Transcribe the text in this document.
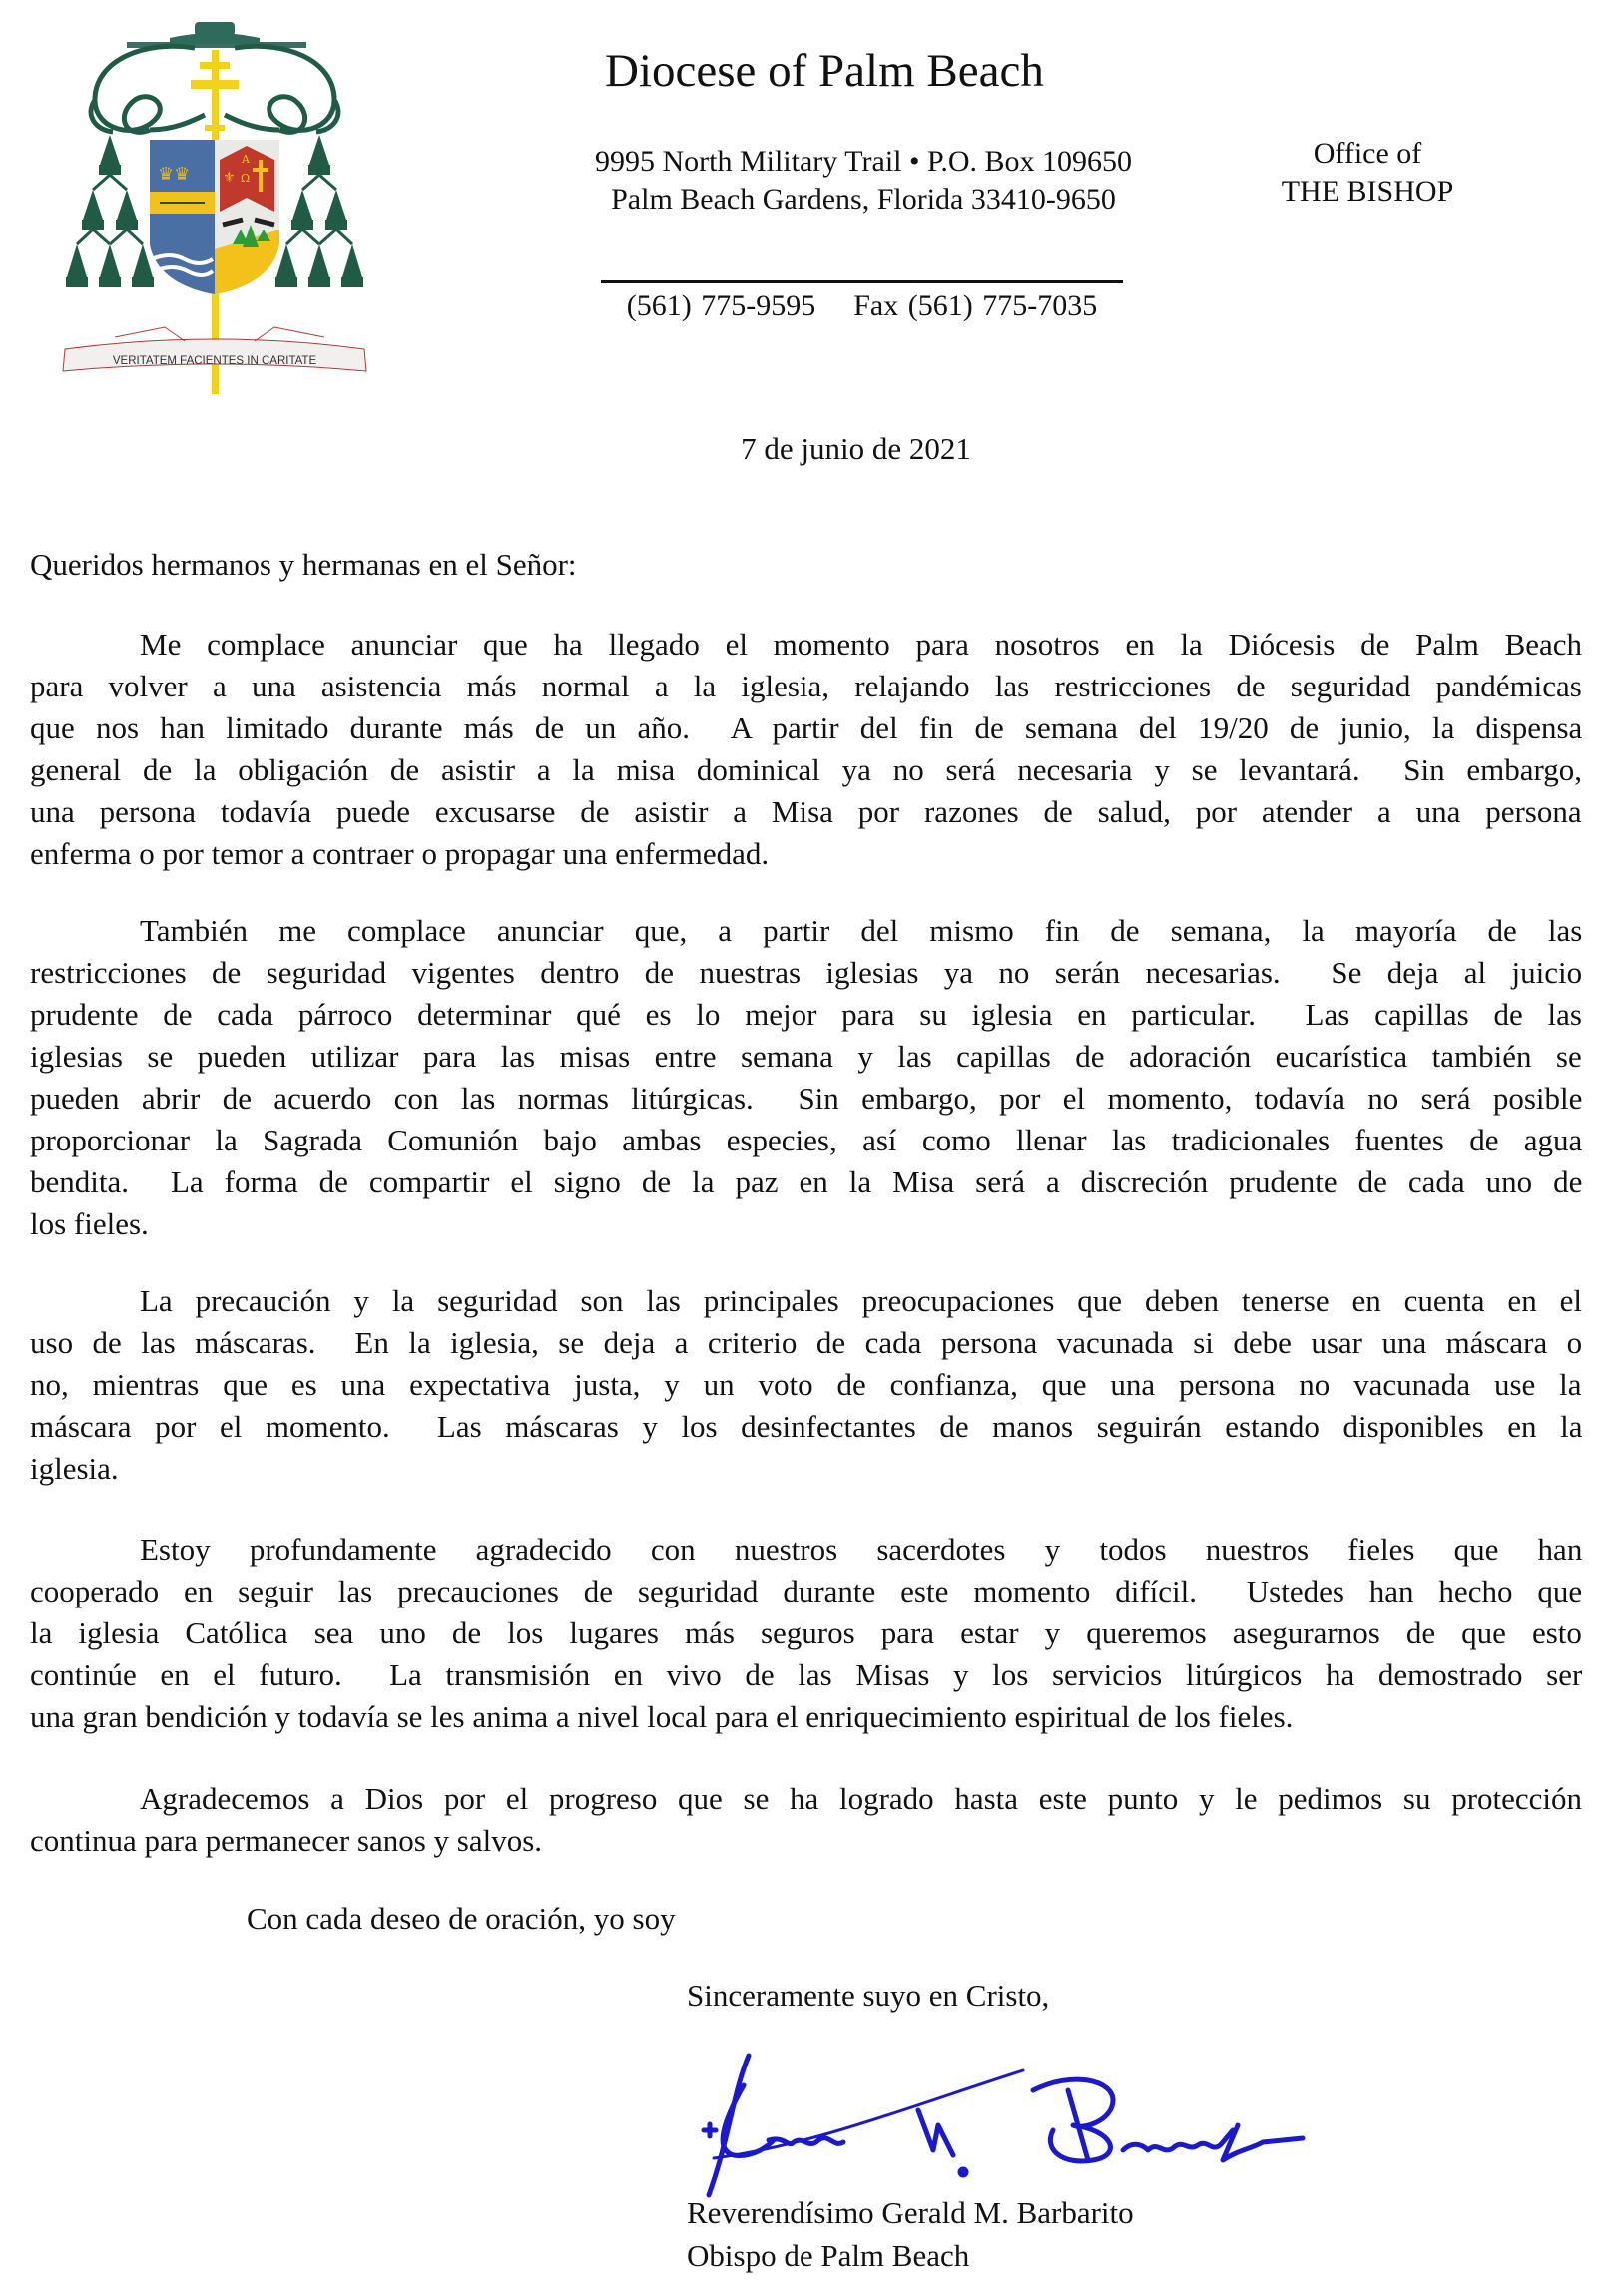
♛♛
A
Ω
⚜
VERITATEM FACIENTES IN CARITATE
Diocese of Palm Beach
9995 North Military Trail • P.O. Box 109650
Palm Beach Gardens, Florida 33410-9650
Office of
THE BISHOP
(561) 775-9595 Fax (561) 775-7035
7 de junio de 2021
Queridos hermanos y hermanas en el Señor:
Me complace anunciar que ha llegado el momento para nosotros en la Diócesis de Palm Beach
para volver a una asistencia más normal a la iglesia, relajando las restricciones de seguridad pandémicas
que nos han limitado durante más de un año.  A partir del fin de semana del 19/20 de junio, la dispensa
general de la obligación de asistir a la misa dominical ya no será necesaria y se levantará.  Sin embargo,
una persona todavía puede excusarse de asistir a Misa por razones de salud, por atender a una persona
enferma o por temor a contraer o propagar una enfermedad.
También me complace anunciar que, a partir del mismo fin de semana, la mayoría de las
restricciones de seguridad vigentes dentro de nuestras iglesias ya no serán necesarias.  Se deja al juicio
prudente de cada párroco determinar qué es lo mejor para su iglesia en particular.  Las capillas de las
iglesias se pueden utilizar para las misas entre semana y las capillas de adoración eucarística también se
pueden abrir de acuerdo con las normas litúrgicas.  Sin embargo, por el momento, todavía no será posible
proporcionar la Sagrada Comunión bajo ambas especies, así como llenar las tradicionales fuentes de agua
bendita.  La forma de compartir el signo de la paz en la Misa será a discreción prudente de cada uno de
los fieles.
La precaución y la seguridad son las principales preocupaciones que deben tenerse en cuenta en el
uso de las máscaras.  En la iglesia, se deja a criterio de cada persona vacunada si debe usar una máscara o
no, mientras que es una expectativa justa, y un voto de confianza, que una persona no vacunada use la
máscara por el momento.  Las máscaras y los desinfectantes de manos seguirán estando disponibles en la
iglesia.
Estoy profundamente agradecido con nuestros sacerdotes y todos nuestros fieles que han
cooperado en seguir las precauciones de seguridad durante este momento difícil.  Ustedes han hecho que
la iglesia Católica sea uno de los lugares más seguros para estar y queremos asegurarnos de que esto
continúe en el futuro.  La transmisión en vivo de las Misas y los servicios litúrgicos ha demostrado ser
una gran bendición y todavía se les anima a nivel local para el enriquecimiento espiritual de los fieles.
Agradecemos a Dios por el progreso que se ha logrado hasta este punto y le pedimos su protección
continua para permanecer sanos y salvos.
Con cada deseo de oración, yo soy
Sinceramente suyo en Cristo,
Reverendísimo Gerald M. Barbarito
Obispo de Palm Beach
